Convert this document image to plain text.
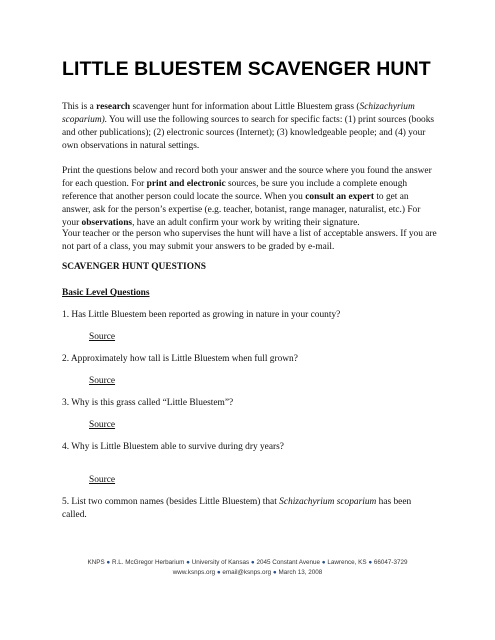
LITTLE BLUESTEM SCAVENGER HUNT

This is a research scavenger hunt for information about Little Bluestem grass (Schizachyrium scoparium). You will use the following sources to search for specific facts: (1) print sources (books and other publications); (2) electronic sources (Internet); (3) knowledgeable people; and (4) your own observations in natural settings.

Print the questions below and record both your answer and the source where you found the answer for each question. For print and electronic sources, be sure you include a complete enough reference that another person could locate the source. When you consult an expert to get an answer, ask for the person’s expertise (e.g. teacher, botanist, range manager, naturalist, etc.) For your observations, have an adult confirm your work by writing their signature.

Your teacher or the person who supervises the hunt will have a list of acceptable answers. If you are not part of a class, you may submit your answers to be graded by e-mail.

SCAVENGER HUNT QUESTIONS

Basic Level Questions

1. Has Little Bluestem been reported as growing in nature in your county?

Source

2. Approximately how tall is Little Bluestem when full grown?

Source

3. Why is this grass called “Little Bluestem”?

Source

4. Why is Little Bluestem able to survive during dry years?

Source

5. List two common names (besides Little Bluestem) that Schizachyrium scoparium has been called.

KNPS ● R.L. McGregor Herbarium ● University of Kansas ● 2045 Constant Avenue ● Lawrence, KS ● 66047-3729

www.ksnps.org ● email@ksnps.org ● March 13, 2008
